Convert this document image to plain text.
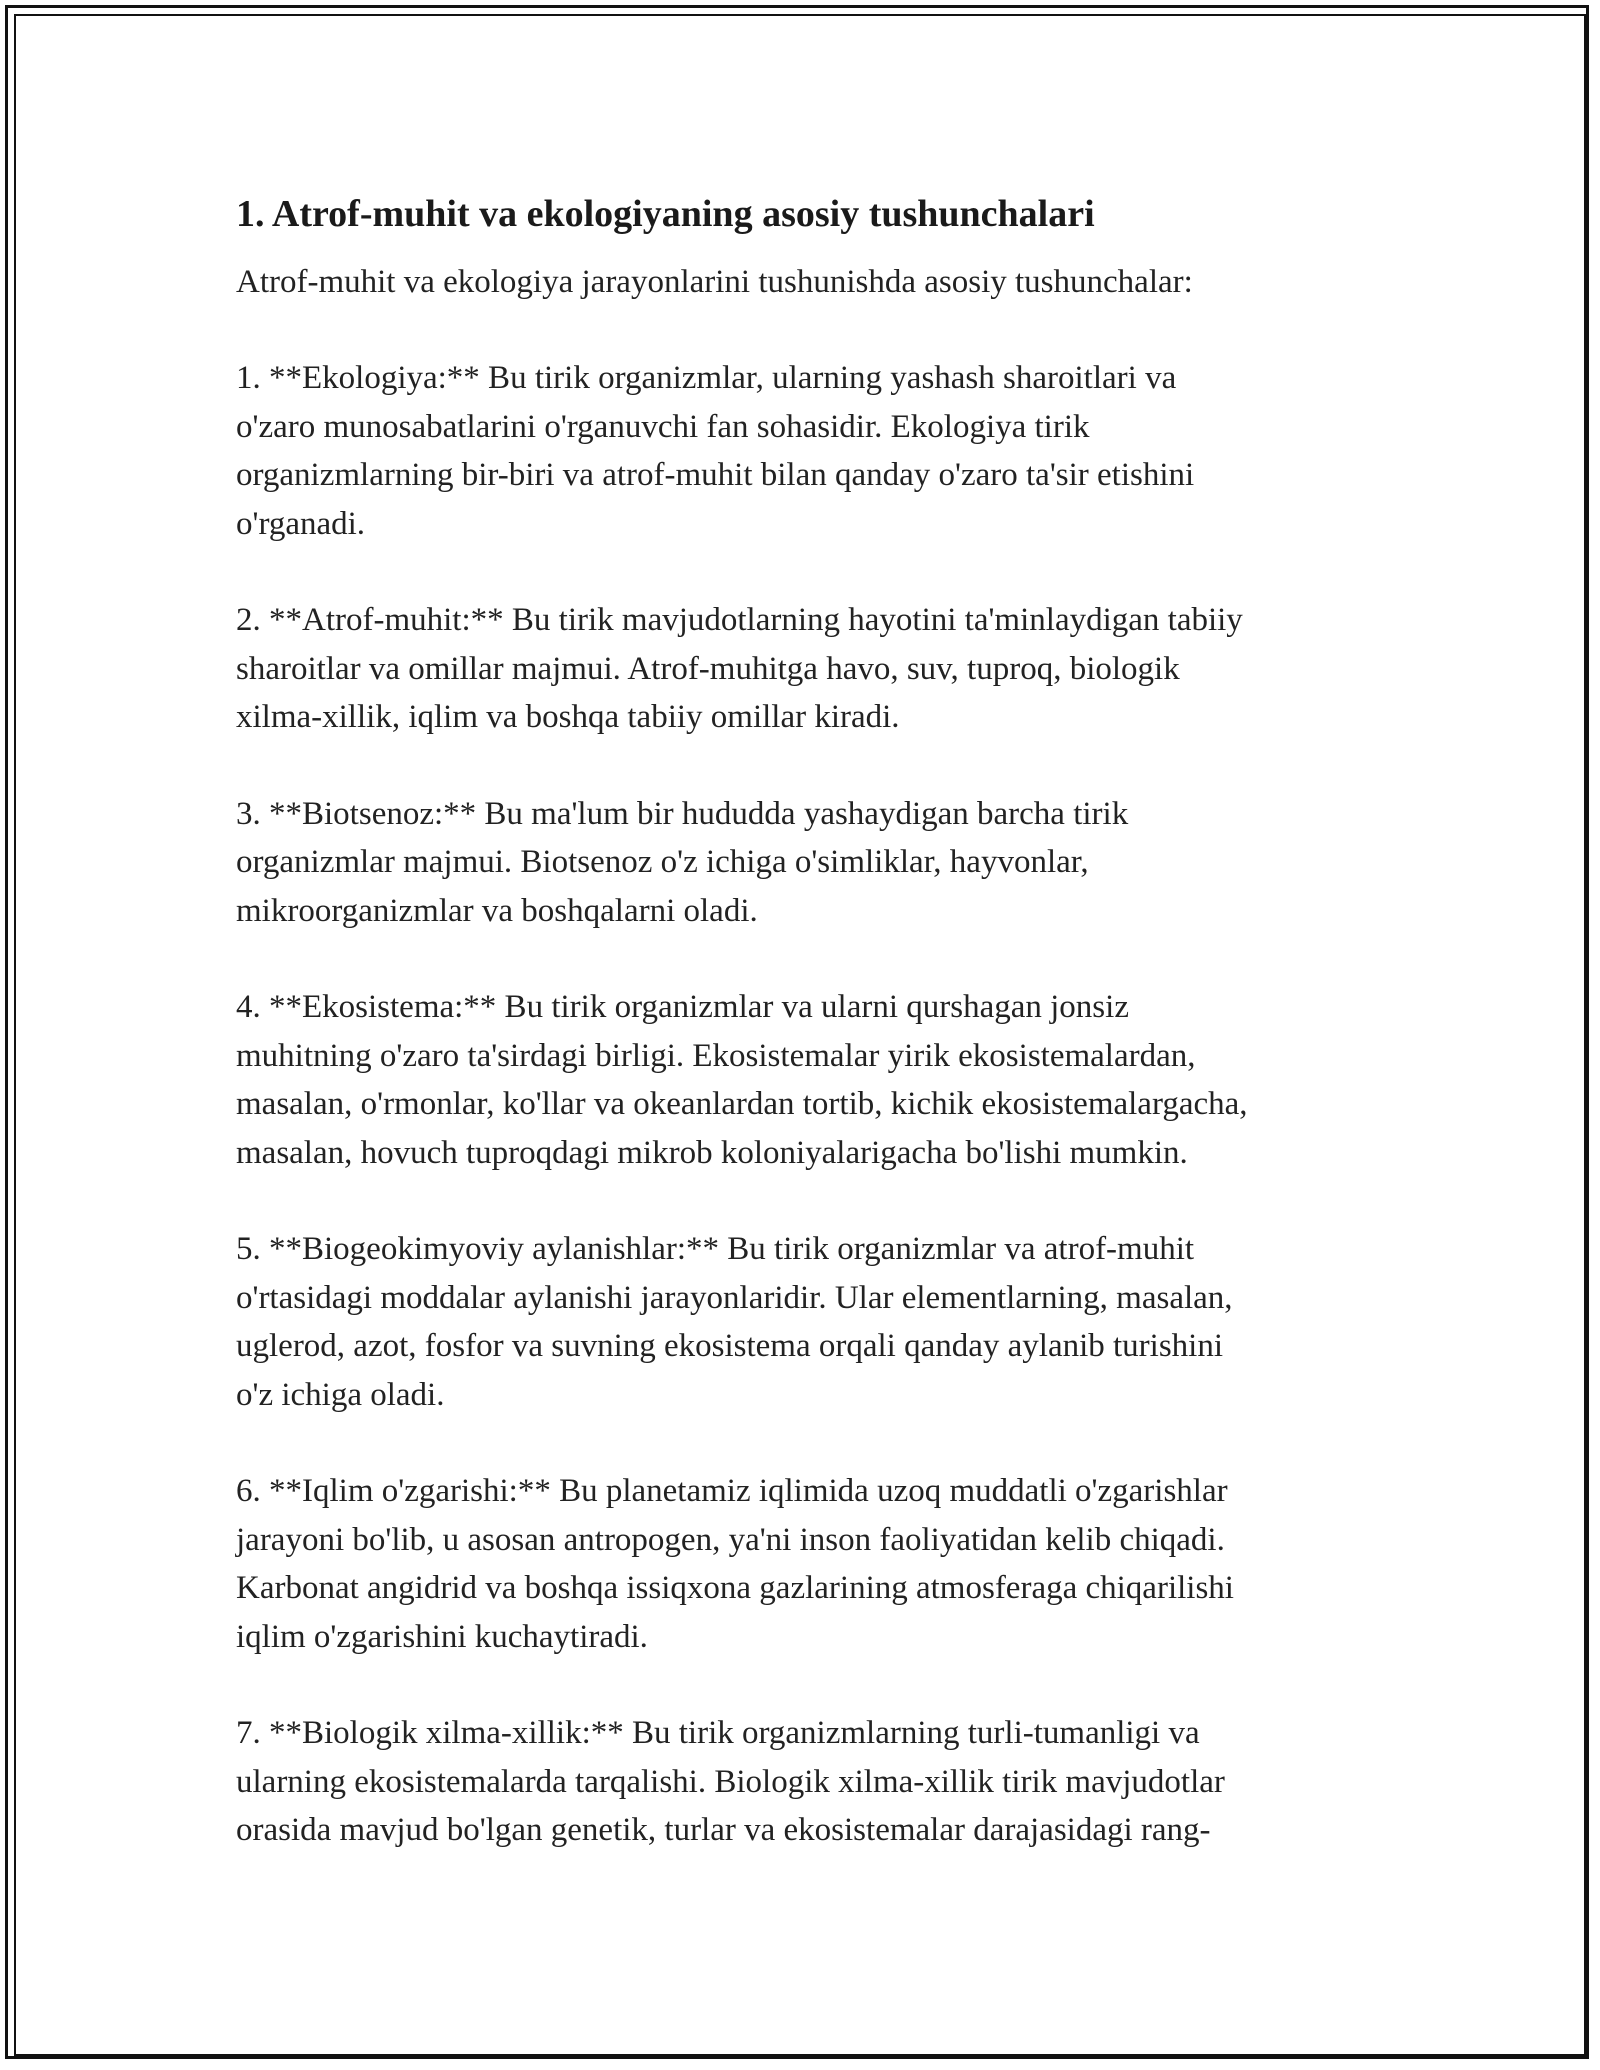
1. Atrof-muhit va ekologiyaning asosiy tushunchalari

Atrof-muhit va ekologiya jarayonlarini tushunishda asosiy tushunchalar:

1. **Ekologiya:** Bu tirik organizmlar, ularning yashash sharoitlari va
o'zaro munosabatlarini o'rganuvchi fan sohasidir. Ekologiya tirik
organizmlarning bir-biri va atrof-muhit bilan qanday o'zaro ta'sir etishini
o'rganadi.

2. **Atrof-muhit:** Bu tirik mavjudotlarning hayotini ta'minlaydigan tabiiy
sharoitlar va omillar majmui. Atrof-muhitga havo, suv, tuproq, biologik
xilma-xillik, iqlim va boshqa tabiiy omillar kiradi.

3. **Biotsenoz:** Bu ma'lum bir hududda yashaydigan barcha tirik
organizmlar majmui. Biotsenoz o'z ichiga o'simliklar, hayvonlar,
mikroorganizmlar va boshqalarni oladi.

4. **Ekosistema:** Bu tirik organizmlar va ularni qurshagan jonsiz
muhitning o'zaro ta'sirdagi birligi. Ekosistemalar yirik ekosistemalardan,
masalan, o'rmonlar, ko'llar va okeanlardan tortib, kichik ekosistemalargacha,
masalan, hovuch tuproqdagi mikrob koloniyalarigacha bo'lishi mumkin.

5. **Biogeokimyoviy aylanishlar:** Bu tirik organizmlar va atrof-muhit
o'rtasidagi moddalar aylanishi jarayonlaridir. Ular elementlarning, masalan,
uglerod, azot, fosfor va suvning ekosistema orqali qanday aylanib turishini
o'z ichiga oladi.

6. **Iqlim o'zgarishi:** Bu planetamiz iqlimida uzoq muddatli o'zgarishlar
jarayoni bo'lib, u asosan antropogen, ya'ni inson faoliyatidan kelib chiqadi.
Karbonat angidrid va boshqa issiqxona gazlarining atmosferaga chiqarilishi
iqlim o'zgarishini kuchaytiradi.

7. **Biologik xilma-xillik:** Bu tirik organizmlarning turli-tumanligi va
ularning ekosistemalarda tarqalishi. Biologik xilma-xillik tirik mavjudotlar
orasida mavjud bo'lgan genetik, turlar va ekosistemalar darajasidagi rang-
